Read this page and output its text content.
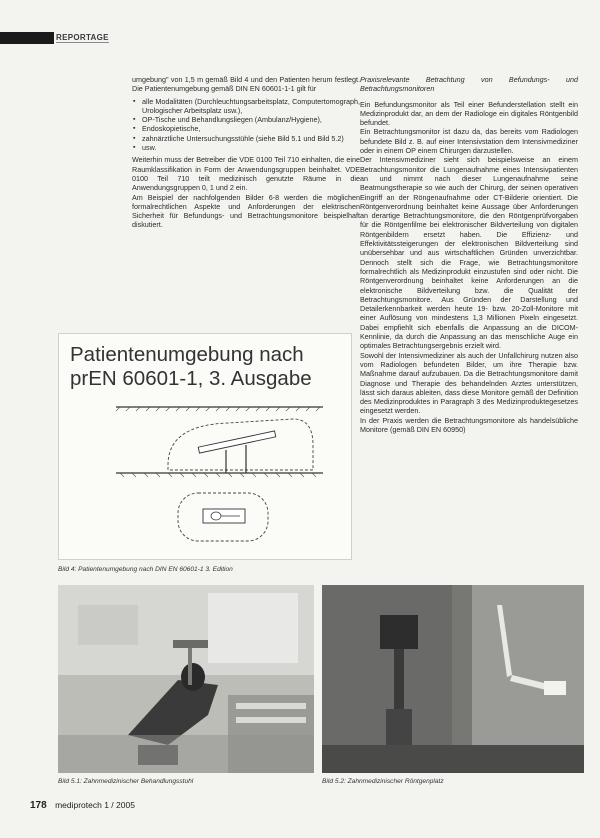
REPORTAGE

umgebung" von 1,5 m gemäß Bild 4 und den Patienten herum festlegt. Die Patientenumgebung gemäß DIN EN 60601-1-1 gilt für

▪ alle Modalitäten (Durchleuchtungsarbeitsplatz, Computertomograph, Urologischer Arbeitsplatz usw.),
▪ OP-Tische und Behandlungsliegen (Ambulanz/Hygiene),
▪ Endoskopietische,
▪ zahnärztliche Untersuchungsstühle (siehe Bild 5.1 und Bild 5.2)
▪ usw.

Weiterhin muss der Betreiber die VDE 0100 Teil 710 einhalten, die eine Raumklassifikation in Form der Anwendungsgruppen beinhaltet. VDE 0100 Teil 710 teilt medizinisch genutzte Räume in die Anwendungsgruppen 0, 1 und 2 ein.

Am Beispiel der nachfolgenden Bilder 6-8 werden die möglichen formalrechtlichen Aspekte und Anforderungen der elektrischen Sicherheit für Befundungs- und Betrachtungsmonitore beispielhaft diskutiert.

Praxisrelevante Betrachtung von Befundungs- und Betrachtungsmonitoren

Ein Befundungsmonitor als Teil einer Befunderstellation stellt ein Medizinprodukt dar, an dem der Radiologe ein digitales Röntgenbild befundet.

Ein Betrachtungsmonitor ist dazu da, das bereits vom Radiologen befundete Bild z. B. auf einer Intensivstation dem Intensivmediziner oder in einem OP einem Chirurgen darzustellen.

Der Intensivmediziner sieht sich beispielsweise an einem Betrachtungsmonitor die Lungenaufnahme eines Intensivpatienten an und nimmt nach dieser Lungenaufnahme seine Beatmungstherapie so wie auch der Chirurg, der seinen operativen Eingriff an der Röngenaufnahme oder CT-Bilderie orientiert. Die Röntgenverordnung beinhaltet keine Aussage über Anforderungen an derartige Betrachtungsmonitore, die den Röntgenprüfvorgaben für die Röntgenfilme bei elektronischer Bildverteilung von digitalen Röntgenbildern ersetzt haben. Die Effizienz- und Effektivitätssteigerungen der elektronischen Bildverteilung sind unübersehbar und aus wirtschaftlichen Gründen unverzichtbar. Dennoch stellt sich die Frage, wie Betrachtungsmonitore formalrechtlich als Medizinprodukt einzustufen sind oder nicht. Die Röntgenverordnung beinhaltet keine Anforderungen an die elektronische Bildverteilung bzw. die Qualität der Betrachtungsmonitore. Aus Gründen der Darstellung und Detailerkennbarkeit werden heute 19- bzw. 20-Zoll-Monitore mit einer Auflösung von mindestens 1,3 Millionen Pixeln eingesetzt. Dabei empfiehlt sich ebenfalls die Anpassung an die DICOM-Kennlinie, da durch die Anpassung an das menschliche Auge ein optimales Betrachtungsergebnis erzielt wird.

Sowohl der Intensivmediziner als auch der Unfallchirurg nutzen also vom Radiologen befundeten Bilder, um ihre Therapie bzw. Maßnahme darauf aufzubauen. Da die Betrachtungsmonitore damit Diagnose und Therapie des behandelnden Arztes unterstützen, lässt sich daraus ableiten, dass diese Monitore gemäß der Definition des Medizinproduktes in Paragraph 3 des Medizinproduktegesetzes eingesetzt werden.

In der Praxis werden die Betrachtungsmonitore als handelsübliche Monitore (gemäß DIN EN 60950)

Patientenumgebung nach prEN 60601-1, 3. Ausgabe
Bild 4: Patientenumgebung nach DIN EN 60601-1 3. Edition
Bild 5.1: Zahnmedizinischer Behandlungsstuhl	Bild 5.2: Zahnmedizinischer Röntgenplatz
178 mediprotech 1 / 2005
